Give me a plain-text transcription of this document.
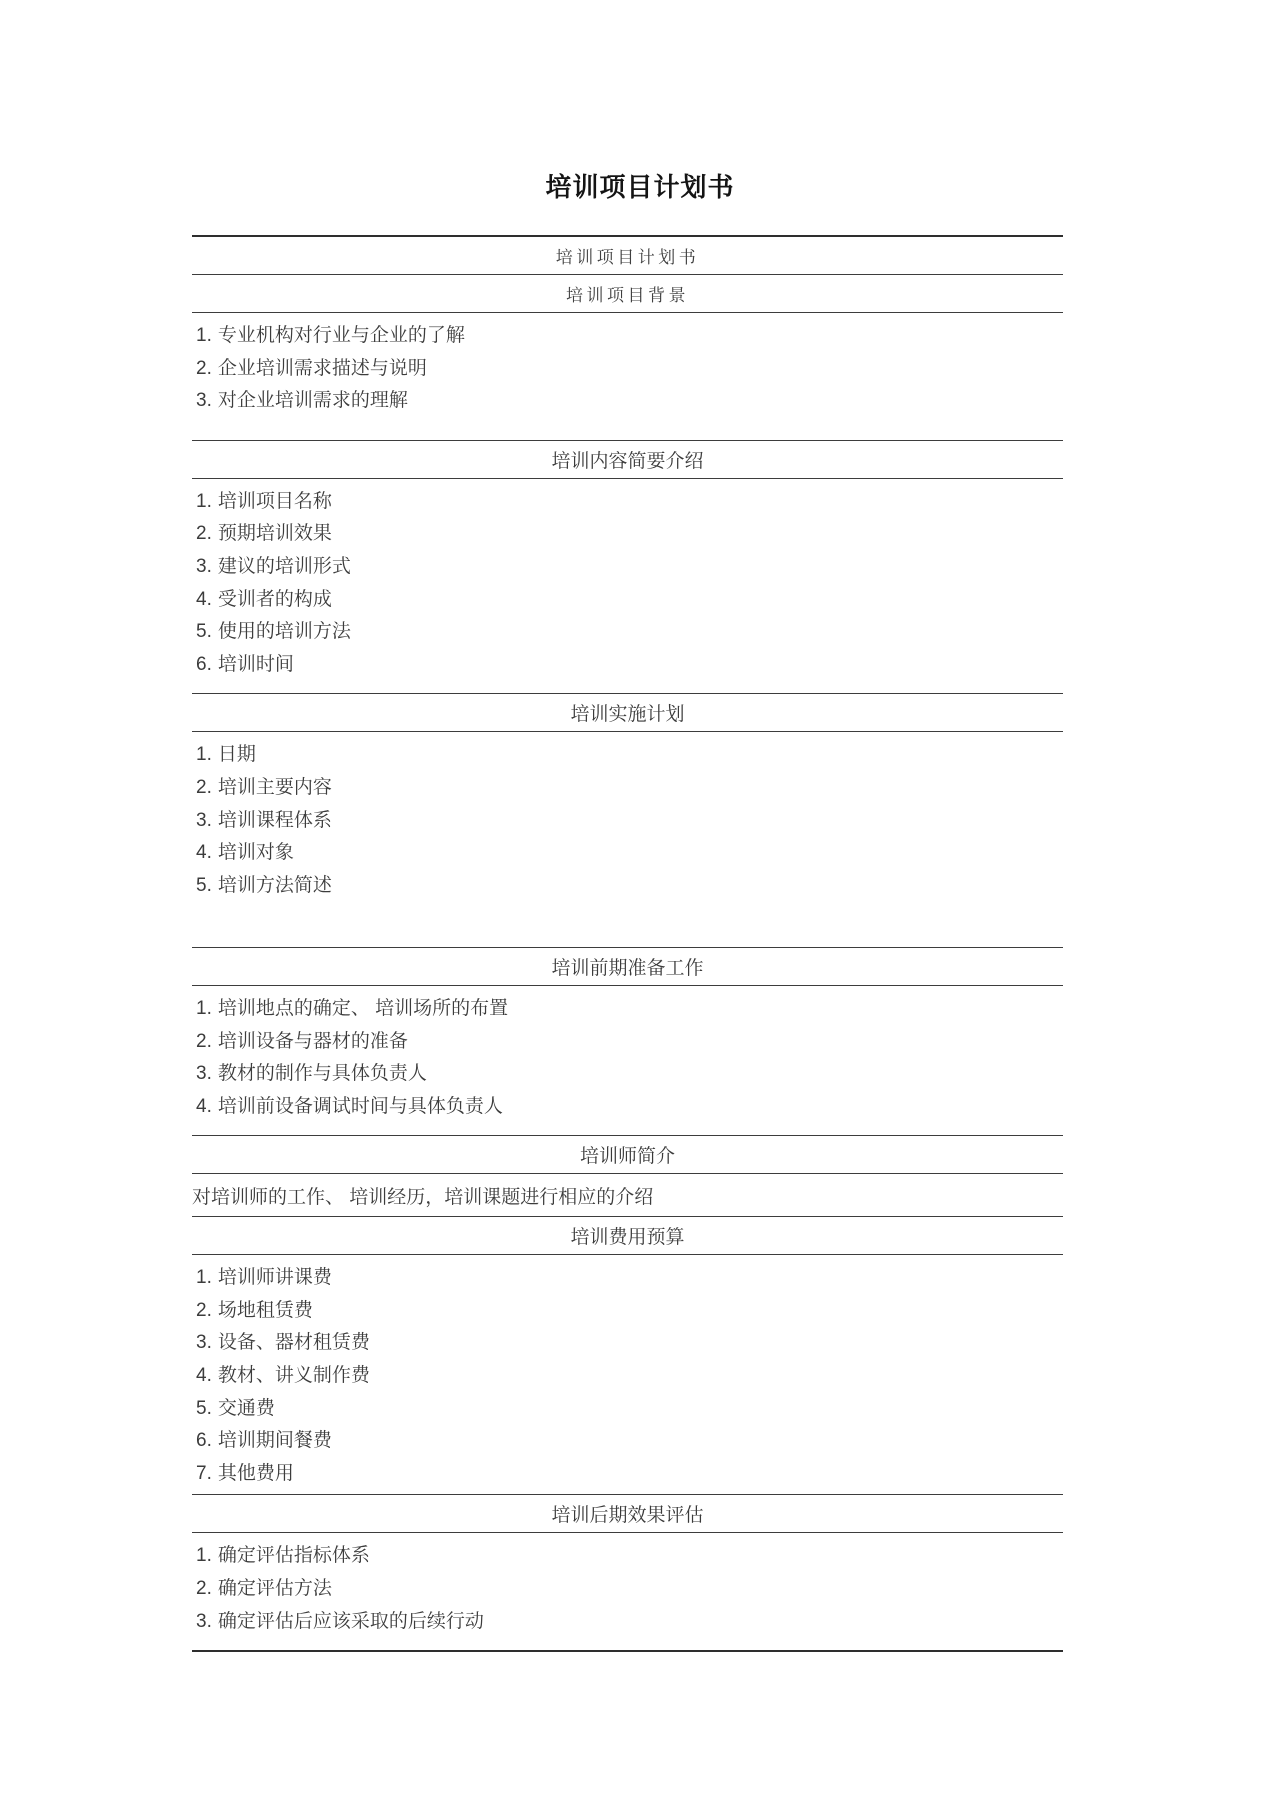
培训项目计划书
培训项目计划书
培训项目背景
1. 专业机构对行业与企业的了解
2. 企业培训需求描述与说明
3. 对企业培训需求的理解
培训内容简要介绍
1. 培训项目名称
2. 预期培训效果
3. 建议的培训形式
4. 受训者的构成
5. 使用的培训方法
6. 培训时间
培训实施计划
1. 日期
2. 培训主要内容
3. 培训课程体系
4. 培训对象
5. 培训方法简述
培训前期准备工作
1. 培训地点的确定、 培训场所的布置
2. 培训设备与器材的准备
3. 教材的制作与具体负责人
4. 培训前设备调试时间与具体负责人
培训师简介
对培训师的工作、 培训经历，培训课题进行相应的介绍
培训费用预算
1. 培训师讲课费
2. 场地租赁费
3. 设备、器材租赁费
4. 教材、讲义制作费
5. 交通费
6. 培训期间餐费
7. 其他费用
培训后期效果评估
1. 确定评估指标体系
2. 确定评估方法
3. 确定评估后应该采取的后续行动
